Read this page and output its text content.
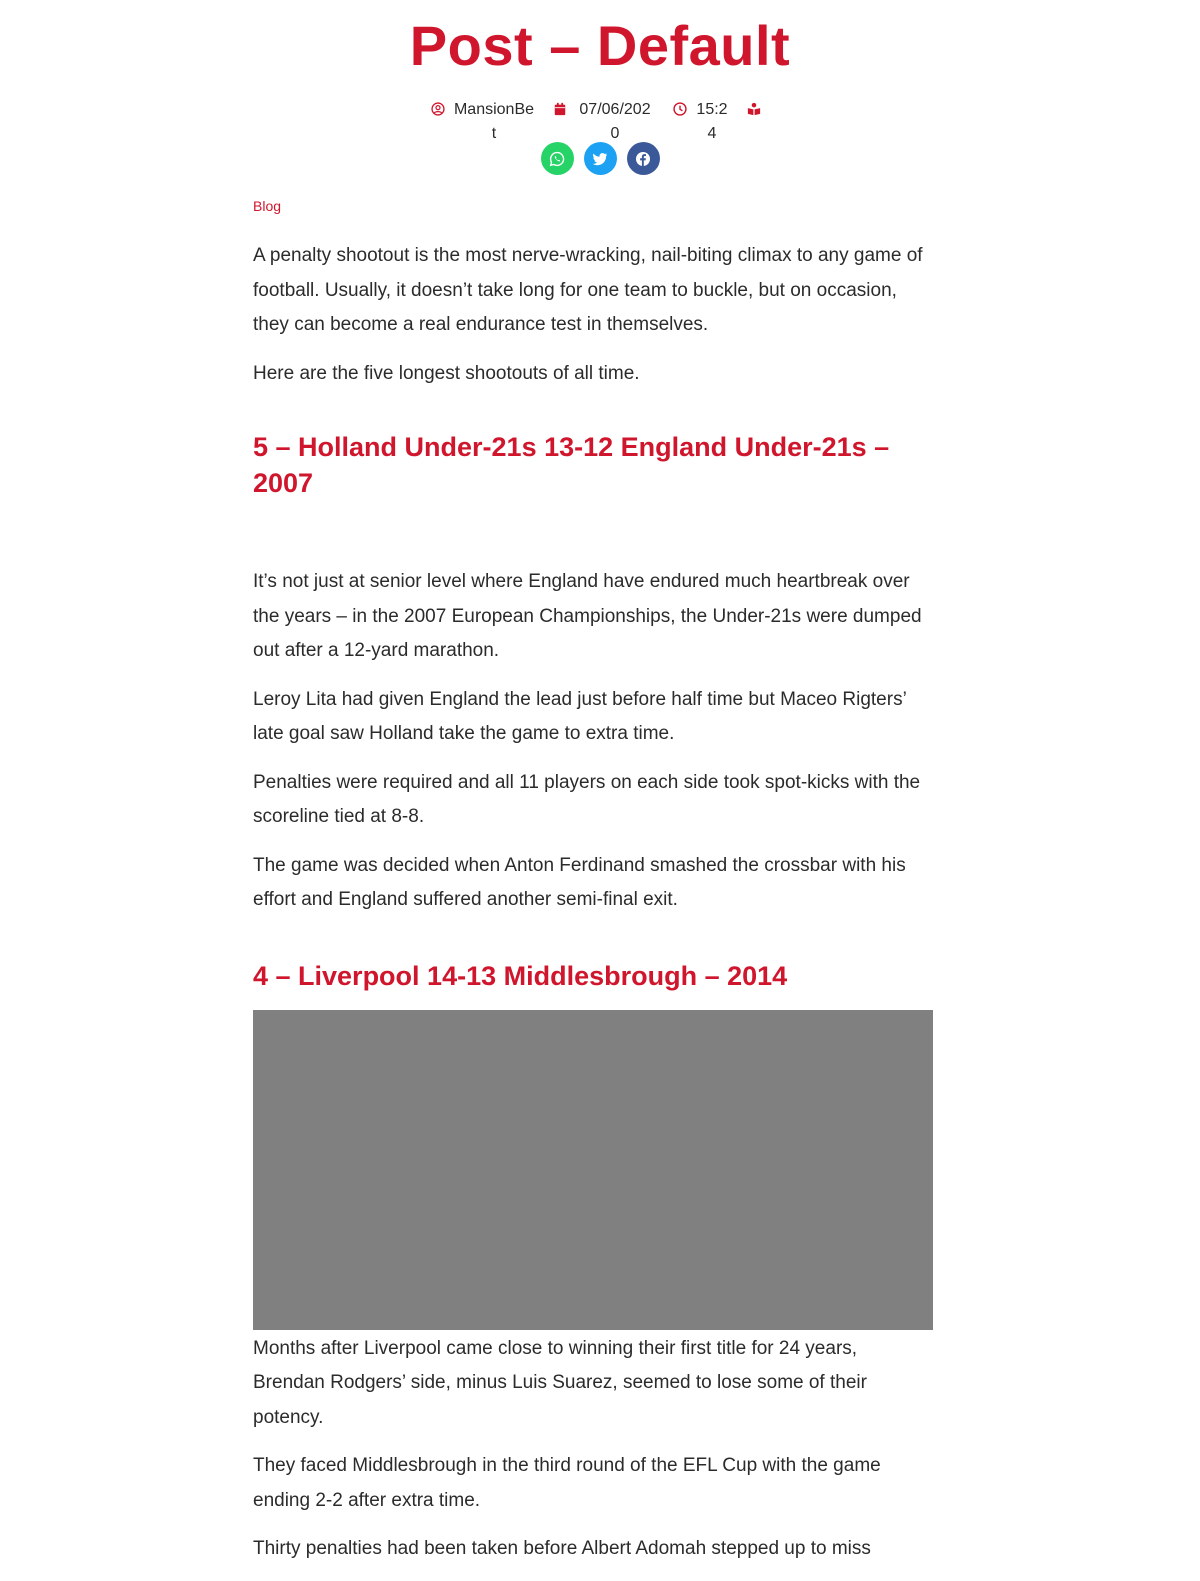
Post – Default
MansionBet
07/06/2020
15:24
Blog

A penalty shootout is the most nerve-wracking, nail-biting climax to any game of football. Usually, it doesn’t take long for one team to buckle, but on occasion, they can become a real endurance test in themselves.

Here are the five longest shootouts of all time.

5 – Holland Under-21s 13-12 England Under-21s – 2007

It’s not just at senior level where England have endured much heartbreak over the years – in the 2007 European Championships, the Under-21s were dumped out after a 12-yard marathon.

Leroy Lita had given England the lead just before half time but Maceo Rigters’ late goal saw Holland take the game to extra time.

Penalties were required and all 11 players on each side took spot-kicks with the scoreline tied at 8-8.

The game was decided when Anton Ferdinand smashed the crossbar with his effort and England suffered another semi-final exit.

4 – Liverpool 14-13 Middlesbrough – 2014

Months after Liverpool came close to winning their first title for 24 years, Brendan Rodgers’ side, minus Luis Suarez, seemed to lose some of their potency.

They faced Middlesbrough in the third round of the EFL Cup with the game ending 2-2 after extra time.

Thirty penalties had been taken before Albert Adomah stepped up to miss
